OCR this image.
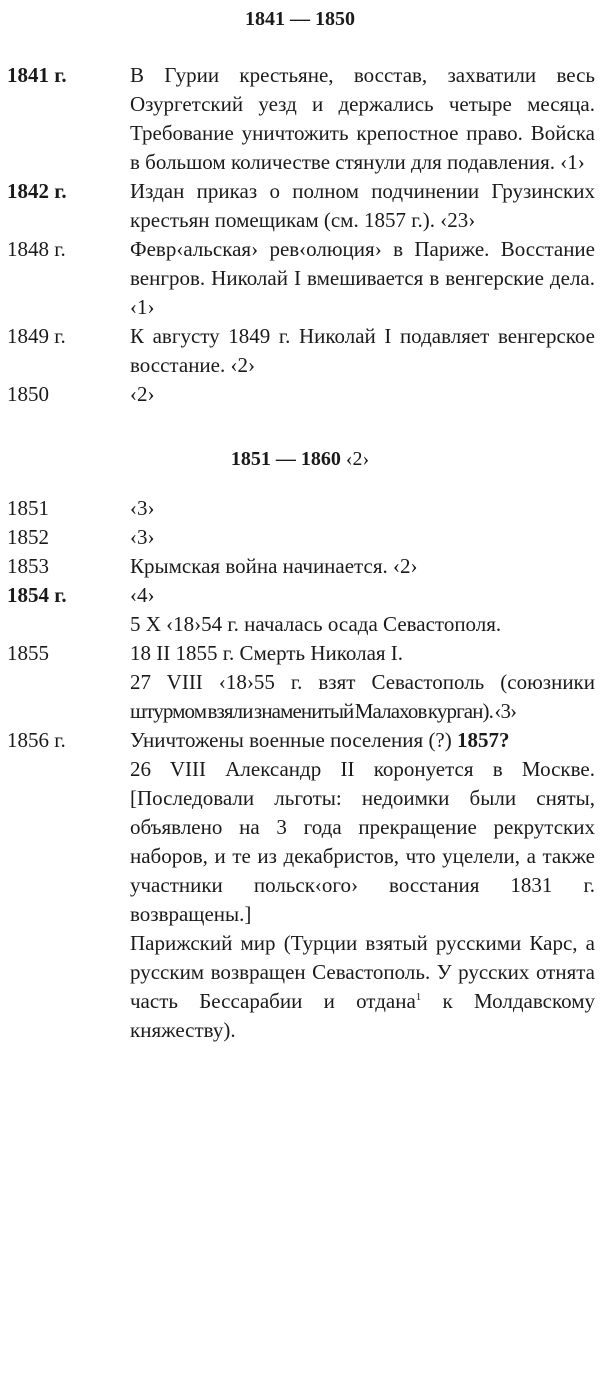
1841 — 1850
1841 г.	В Гурии крестьяне, восстав, захватили весь Озургетский уезд и держались четыре месяца. Требование уничтожить крепостное право. Войска в большом количестве стянули для подавления. ‹1›

1842 г.	Издан приказ о полном подчинении Грузинских крестьян помещикам (см. 1857 г.). ‹23›

1848 г.	Февр‹альская› рев‹олюция› в Париже. Восстание венгров. Николай I вмешивается в венгерские дела. ‹1›

1849 г.	К августу 1849 г. Николай I подавляет венгерское восстание. ‹2›

1850	‹2›

1851 — 1860 ‹2›
1851	‹3›

1852	‹3›

1853	Крымская война начинается. ‹2›

1854 г.	‹4›

5 X ‹18›54 г. началась осада Севастополя.

1855	18 II 1855 г. Смерть Николая I.

27 VIII ‹18›55 г. взят Севастополь (союзники

штурмом взяли знаменитый Малахов курган). ‹3›

1856 г.	Уничтожены военные поселения (?) 1857?

26 VIII Александр II коронуется в Москве. [Последовали льготы: недоимки были сняты, объявлено на 3 года прекращение рекрутских наборов, и те из декабристов, что уцелели, а также участники польск‹ого› восстания 1831 г. возвращены.]

Парижский мир (Турции взятый русскими Карс, а русским возвращен Севастополь. У русских отнята часть Бессарабии и отдана$^1$ к Молдавскому княжеству).
